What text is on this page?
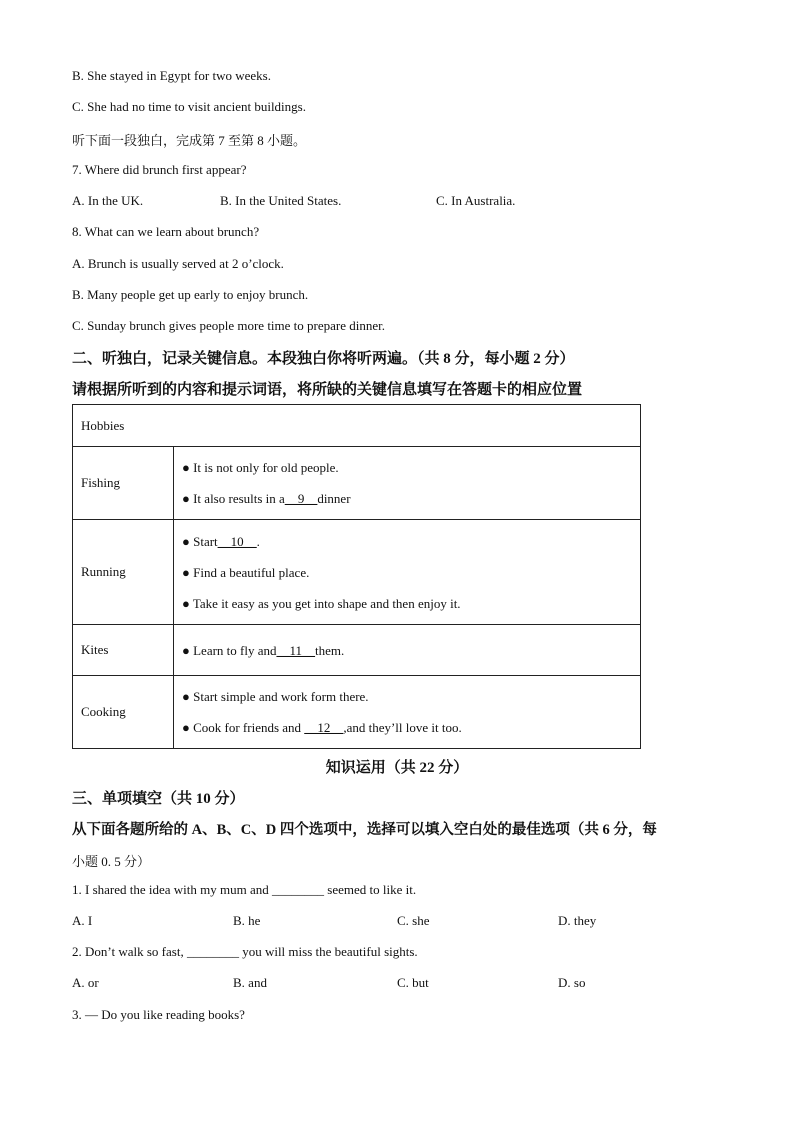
B. She stayed in Egypt for two weeks.
C. She had no time to visit ancient buildings.
听下面一段独白，完成第 7 至第 8 小题。
7. Where did brunch first appear?
A. In the UK.	B. In the United States.	C. In Australia.
8. What can we learn about brunch?
A. Brunch is usually served at 2 o’clock.
B. Many people get up early to enjoy brunch.
C. Sunday brunch gives people more time to prepare dinner.
二、听独白，记录关键信息。本段独白你将听两遍。（共 8 分，每小题 2 分）
请根据所听到的内容和提示词语，将所缺的关键信息填写在答题卡的相应位置
Hobbies	
Fishing	● It is not only for old people.
● It also results in a__9__dinner

Running	● Start__10__.
● Find a beautiful place.
● Take it easy as you get into shape and then enjoy it.

Kites	● Learn to fly and__11__them.

Cooking	● Start simple and work form there.
● Cook for friends and __12__,and they’ll love it too.
知识运用（共 22 分）
三、单项填空（共 10 分）
从下面各题所给的 A、B、C、D 四个选项中，选择可以填入空白处的最佳选项（共 6 分，每
小题 0. 5 分）
1. I shared the idea with my mum and ________ seemed to like it.
A. I	B. he	C. she	D. they
2. Don’t walk so fast, ________ you will miss the beautiful sights.
A. or	B. and	C. but	D. so
3. — Do you like reading books?
